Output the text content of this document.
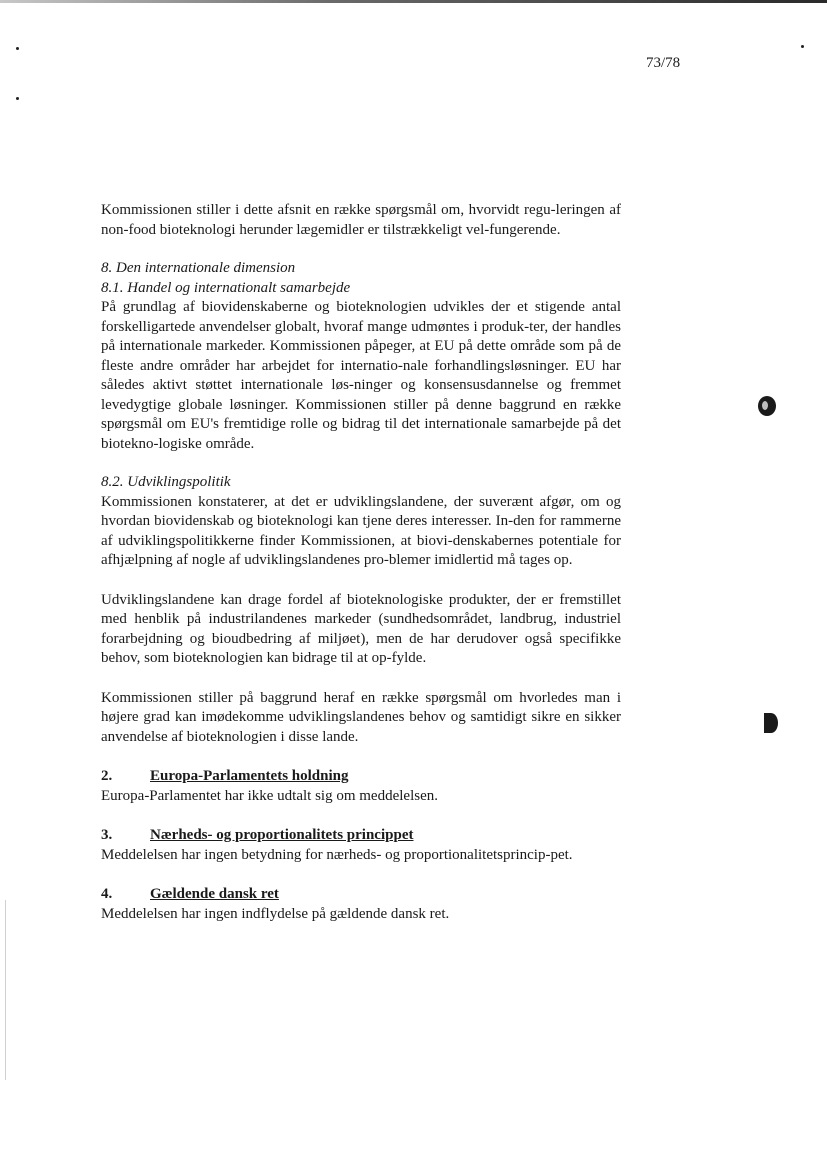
73/78

Kommissionen stiller i dette afsnit en række spørgsmål om, hvorvidt regu-leringen af non-food bioteknologi herunder lægemidler er tilstrækkeligt vel-fungerende.

8. Den internationale dimension

8.1. Handel og internationalt samarbejde

På grundlag af biovidenskaberne og bioteknologien udvikles der et stigende antal forskelligartede anvendelser globalt, hvoraf mange udmøntes i produk-ter, der handles på internationale markeder. Kommissionen påpeger, at EU på dette område som på de fleste andre områder har arbejdet for internatio-nale forhandlingsløsninger. EU har således aktivt støttet internationale løs-ninger og konsensusdannelse og fremmet levedygtige globale løsninger. Kommissionen stiller på denne baggrund en række spørgsmål om EU's fremtidige rolle og bidrag til det internationale samarbejde på det biotekno-logiske område.

8.2. Udviklingspolitik

Kommissionen konstaterer, at det er udviklingslandene, der suverænt afgør, om og hvordan biovidenskab og bioteknologi kan tjene deres interesser. In-den for rammerne af udviklingspolitikkerne finder Kommissionen, at biovi-denskabernes potentiale for afhjælpning af nogle af udviklingslandenes pro-blemer imidlertid må tages op.

Udviklingslandene kan drage fordel af bioteknologiske produkter, der er fremstillet med henblik på industrilandenes markeder (sundhedsområdet, landbrug, industriel forarbejdning og bioudbedring af miljøet), men de har derudover også specifikke behov, som bioteknologien kan bidrage til at op-fylde.

Kommissionen stiller på baggrund heraf en række spørgsmål om hvorledes man i højere grad kan imødekomme udviklingslandenes behov og samtidigt sikre en sikker anvendelse af bioteknologien i disse lande.

2.	Europa-Parlamentets holdning

Europa-Parlamentet har ikke udtalt sig om meddelelsen.

3.	Nærheds- og proportionalitets princippet

Meddelelsen har ingen betydning for nærheds- og proportionalitetsprincip-pet.

4.	Gældende dansk ret

Meddelelsen har ingen indflydelse på gældende dansk ret.
